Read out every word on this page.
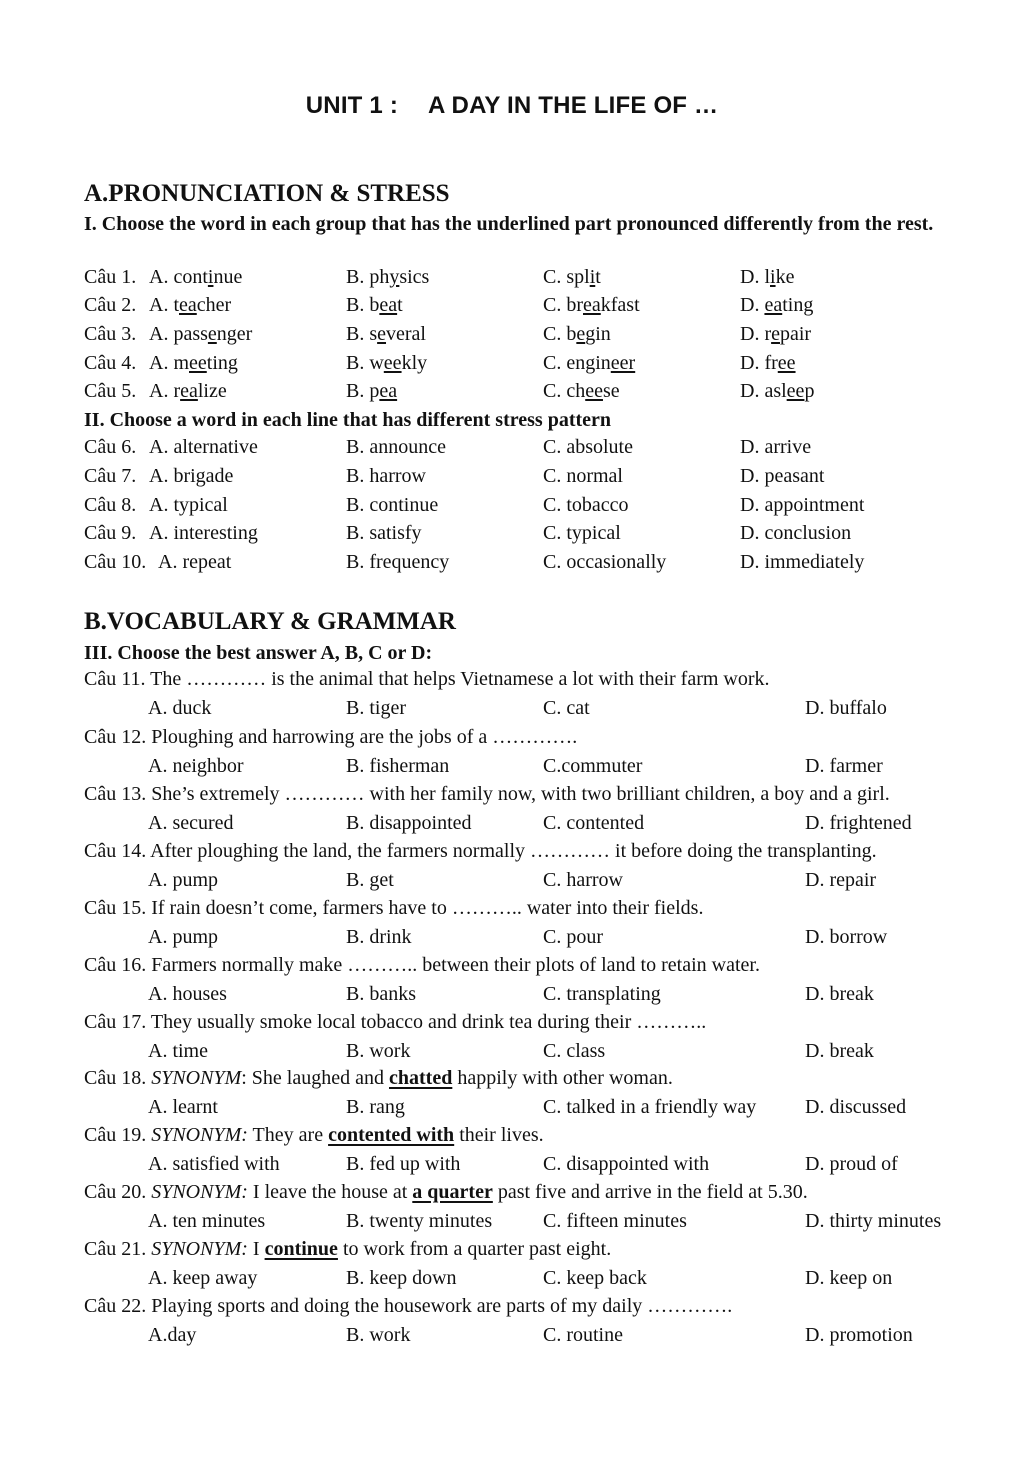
UNIT 1 : A DAY IN THE LIFE OF …
A.PRONUNCIATION & STRESS
I. Choose the word in each group that has the underlined part pronounced differently from the rest.
Câu 1. A. continue	B. physics	C. split	D. like
Câu 2. A. teacher	B. beat	C. breakfast	D. eating
Câu 3. A. passenger	B. several	C. begin	D. repair
Câu 4. A. meeting	B. weekly	C. engineer	D. free
Câu 5. A. realize	B. pea	C. cheese	D. asleep
II. Choose a word in each line that has different stress pattern
Câu 6. A. alternative	B. announce	C. absolute	D. arrive
Câu 7. A. brigade	B. harrow	C. normal	D. peasant
Câu 8. A. typical	B. continue	C. tobacco	D. appointment
Câu 9. A. interesting	B. satisfy	C. typical	D. conclusion
Câu 10. A. repeat	B. frequency	C. occasionally	D. immediately
B.VOCABULARY & GRAMMAR
III. Choose the best answer A, B, C or D:
Câu 11. The ………… is the animal that helps Vietnamese a lot with their farm work.
A. duck	B. tiger	C. cat	D. buffalo
Câu 12. Ploughing and harrowing are the jobs of a ………….
A. neighbor	B. fisherman	C.commuter	D. farmer
Câu 13. She’s extremely ………… with her family now, with two brilliant children, a boy and a girl.
A. secured	B. disappointed	C. contented	D. frightened
Câu 14. After ploughing the land, the farmers normally ………… it before doing the transplanting.
A. pump	B. get	C. harrow	D. repair
Câu 15. If rain doesn’t come, farmers have to ……….. water into their fields.
A. pump	B. drink	C. pour	D. borrow
Câu 16. Farmers normally make ……….. between their plots of land to retain water.
A. houses	B. banks	C. transplating	D. break
Câu 17. They usually smoke local tobacco and drink tea during their ………..
A. time	B. work	C. class	D. break
Câu 18. SYNONYM: She laughed and chatted happily with other woman.
A. learnt	B. rang	C. talked in a friendly way D. discussed
Câu 19. SYNONYM: They are contented with their lives.
A. satisfied with	B. fed up with	C. disappointed with	D. proud of
Câu 20. SYNONYM: I leave the house at a quarter past five and arrive in the field at 5.30.
A. ten minutes	B. twenty minutes	C. fifteen minutes	D. thirty minutes
Câu 21. SYNONYM: I continue to work from a quarter past eight.
A. keep away	B. keep down	C. keep back	D. keep on
Câu 22. Playing sports and doing the housework are parts of my daily ………….
A.day	B. work	C. routine	D. promotion
